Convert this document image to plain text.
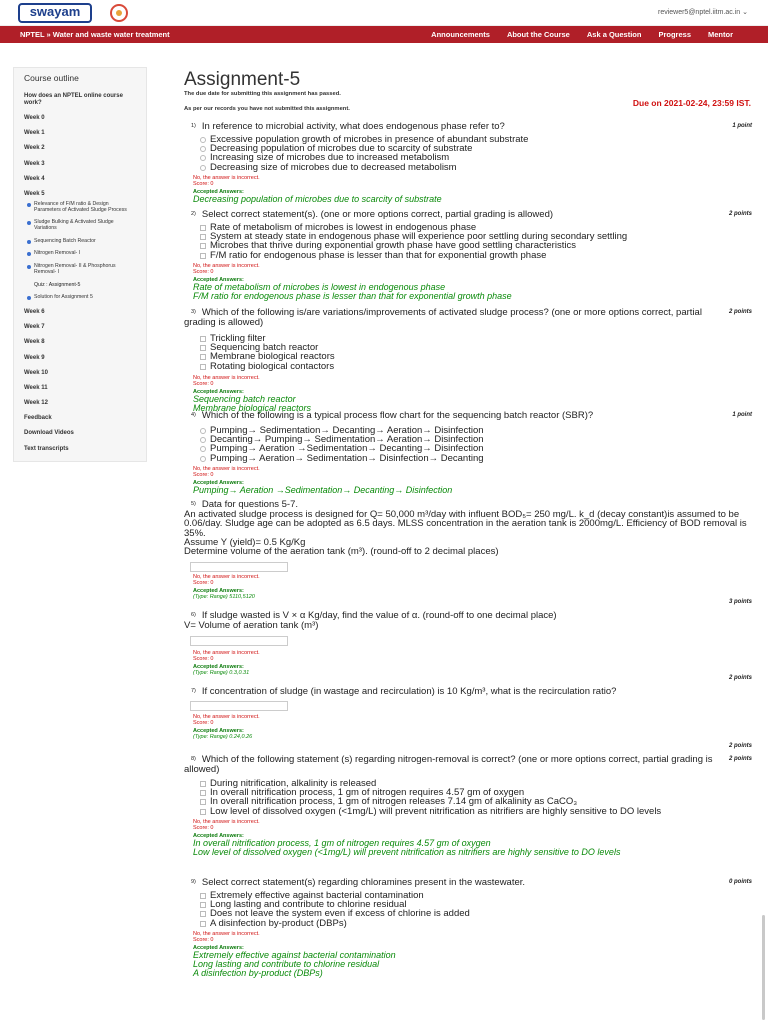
swayam	reviewer5@nptel.iitm.ac.in ⌄
NPTEL » Water and waste water treatment	Announcements About the Course Ask a Question Progress Mentor
Course outline
How does an NPTEL online course work?
Week 0
Week 1
Week 2
Week 3
Week 4
Week 5
Relevance of F/M ratio & Design Parameters of Activated Sludge Process
Sludge Bulking & Activated Sludge Variations
Sequencing Batch Reactor
Nitrogen Removal- I
Nitrogen Removal- II & Phosphorus Removal- I
Quiz : Assignment-5
Solution for Assignment 5
Week 6
Week 7
Week 8
Week 9
Week 10
Week 11
Week 12
Feedback
Download Videos
Text transcripts
Assignment-5
The due date for submitting this assignment has passed.
As per our records you have not submitted this assignment.
Due on 2021-02-24, 23:59 IST.
$^{1)}$ In reference to microbial activity, what does endogenous phase refer to?	1 point
Excessive population growth of microbes in presence of abundant substrate
Decreasing population of microbes due to scarcity of substrate
Increasing size of microbes due to increased metabolism
Decreasing size of microbes due to decreased metabolism
No, the answer is incorrect.
Score: 0
Accepted Answers:
Decreasing population of microbes due to scarcity of substrate
$^{2)}$ Select correct statement(s). (one or more options correct, partial grading is allowed)	2 points
Rate of metabolism of microbes is lowest in endogenous phase
System at steady state in endogenous phase will experience poor settling during secondary settling
Microbes that thrive during exponential growth phase have good settling characteristics
F/M ratio for endogenous phase is lesser than that for exponential growth phase
No, the answer is incorrect.
Score: 0
Accepted Answers:
Rate of metabolism of microbes is lowest in endogenous phase
F/M ratio for endogenous phase is lesser than that for exponential growth phase
$^{3)}$ Which of the following is/are variations/improvements of activated sludge process? (one or more options correct, partial grading is allowed)
2 points
Trickling filter
Sequencing batch reactor
Membrane biological reactors
Rotating biological contactors
No, the answer is incorrect.
Score: 0
Accepted Answers:
Sequencing batch reactor
Membrane biological reactors
$^{4)}$ Which of the following is a typical process flow chart for the sequencing batch reactor (SBR)?	1 point
Pumping→ Sedimentation→ Decanting→ Aeration→ Disinfection
Decanting→ Pumping→ Sedimentation→ Aeration→ Disinfection
Pumping→ Aeration →Sedimentation→ Decanting→ Disinfection
Pumping→ Aeration→ Sedimentation→ Disinfection→ Decanting
No, the answer is incorrect.
Score: 0
Accepted Answers:
Pumping→ Aeration →Sedimentation→ Decanting→ Disinfection
$^{5)}$ Data for questions 5-7.
An activated sludge process is designed for Q= 50,000 m³/day with influent BOD₅= 250 mg/L. k_d (decay constant)is assumed to be 0.06/day. Sludge age can be adopted as 6.5 days. MLSS concentration in the aeration tank is 2000mg/L. Efficiency of BOD removal is 35%.
Assume Y (yield)= 0.5 Kg/Kg
Determine volume of the aeration tank (m³). (round-off to 2 decimal places)
No, the answer is incorrect.
Score: 0
Accepted Answers:
(Type: Range) 5110,5120
3 points
$^{6)}$ If sludge wasted is V × α Kg/day, find the value of α. (round-off to one decimal place)
V= Volume of aeration tank (m³)
No, the answer is incorrect.
Score: 0
Accepted Answers:
(Type: Range) 0.3,0.31
2 points
$^{7)}$ If concentration of sludge (in wastage and recirculation) is 10 Kg/m³, what is the recirculation ratio?
No, the answer is incorrect.
Score: 0
Accepted Answers:
(Type: Range) 0.24,0.26
2 points
$^{8)}$ Which of the following statement (s) regarding nitrogen-removal is correct? (one or more options correct, partial grading is allowed)
2 points
During nitrification, alkalinity is released
In overall nitrification process, 1 gm of nitrogen requires 4.57 gm of oxygen
In overall nitrification process, 1 gm of nitrogen releases 7.14 gm of alkalinity as CaCO₃
Low level of dissolved oxygen (<1mg/L) will prevent nitrification as nitrifiers are highly sensitive to DO levels
No, the answer is incorrect.
Score: 0
Accepted Answers:
In overall nitrification process, 1 gm of nitrogen requires 4.57 gm of oxygen
Low level of dissolved oxygen (<1mg/L) will prevent nitrification as nitrifiers are highly sensitive to DO levels
$^{9)}$ Select correct statement(s) regarding chloramines present in the wastewater.	0 points
Extremely effective against bacterial contamination
Long lasting and contribute to chlorine residual
Does not leave the system even if excess of chlorine is added
A disinfection by-product (DBPs)
No, the answer is incorrect.
Score: 0
Accepted Answers:
Extremely effective against bacterial contamination
Long lasting and contribute to chlorine residual
A disinfection by-product (DBPs)
